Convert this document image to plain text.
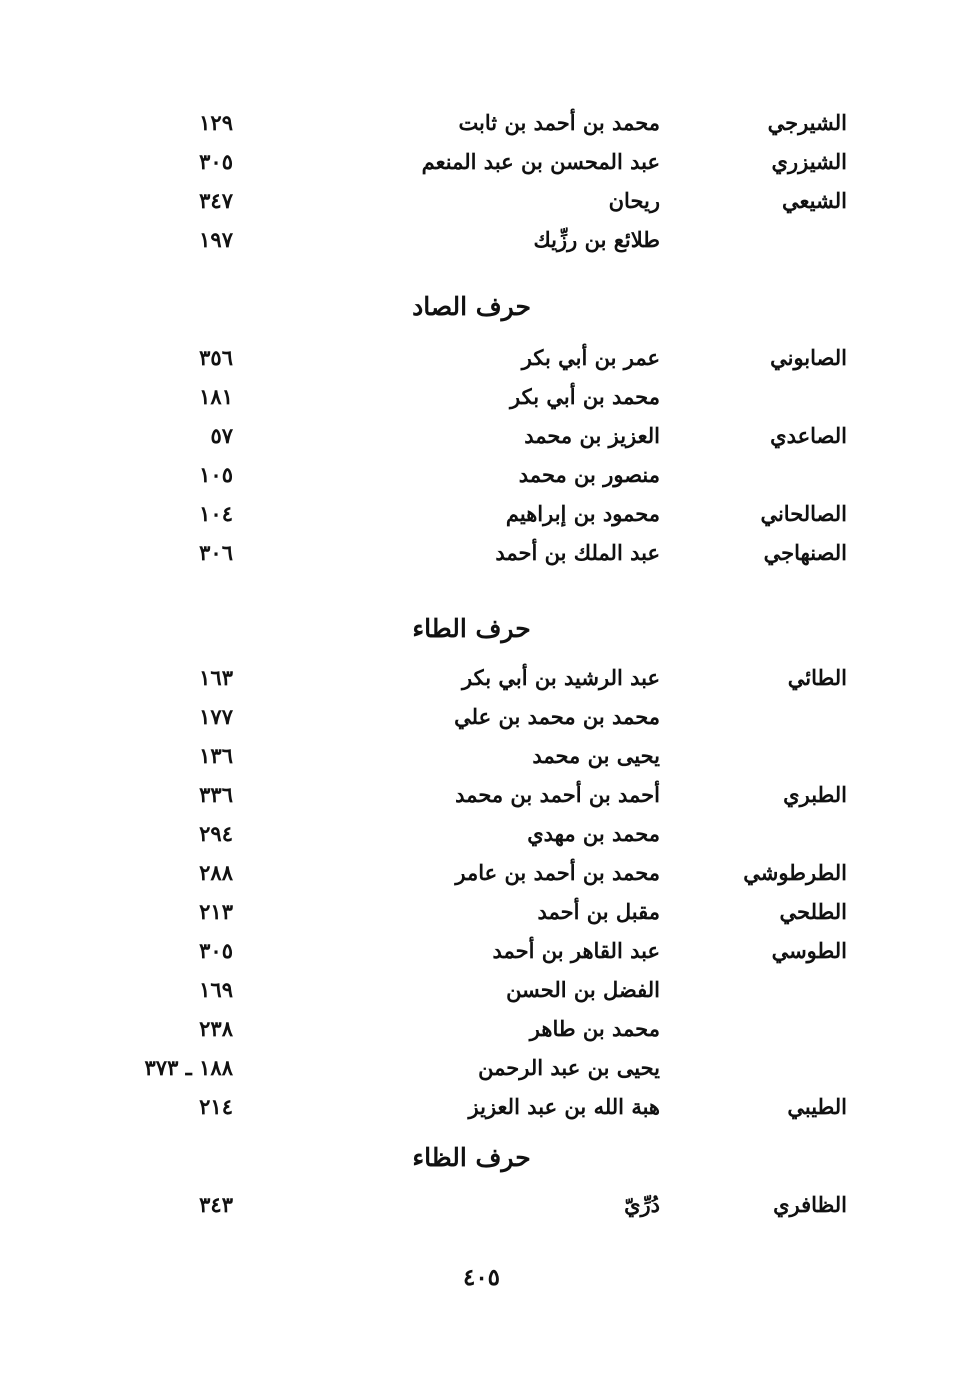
الشيرجي
محمد بن أحمد بن ثابت
١٢٩
الشيزري
عبد المحسن بن عبد المنعم
٣٠٥
الشيعي
ريحان
٣٤٧
طلائع بن رزِّيك
١٩٧
حرف الصاد
الصابوني
عمر بن أبي بكر
٣٥٦
محمد بن أبي بكر
١٨١
الصاعدي
العزيز بن محمد
٥٧
منصور بن محمد
١٠٥
الصالحاني
محمود بن إبراهيم
١٠٤
الصنهاجي
عبد الملك بن أحمد
٣٠٦
حرف الطاء
الطائي
عبد الرشيد بن أبي بكر
١٦٣
محمد بن محمد بن علي
١٧٧
يحيى بن محمد
١٣٦
الطبري
أحمد بن أحمد بن محمد
٣٣٦
محمد بن مهدي
٢٩٤
الطرطوشي
محمد بن أحمد بن عامر
٢٨٨
الطلحي
مقبل بن أحمد
٢١٣
الطوسي
عبد القاهر بن أحمد
٣٠٥
الفضل بن الحسن
١٦٩
محمد بن طاهر
٢٣٨
يحيى بن عبد الرحمن
١٨٨ ـ ٣٧٣
الطيبي
هبة الله بن عبد العزيز
٢١٤
حرف الظاء
الظافري
دُرِّيّ
٣٤٣
٤٠٥
